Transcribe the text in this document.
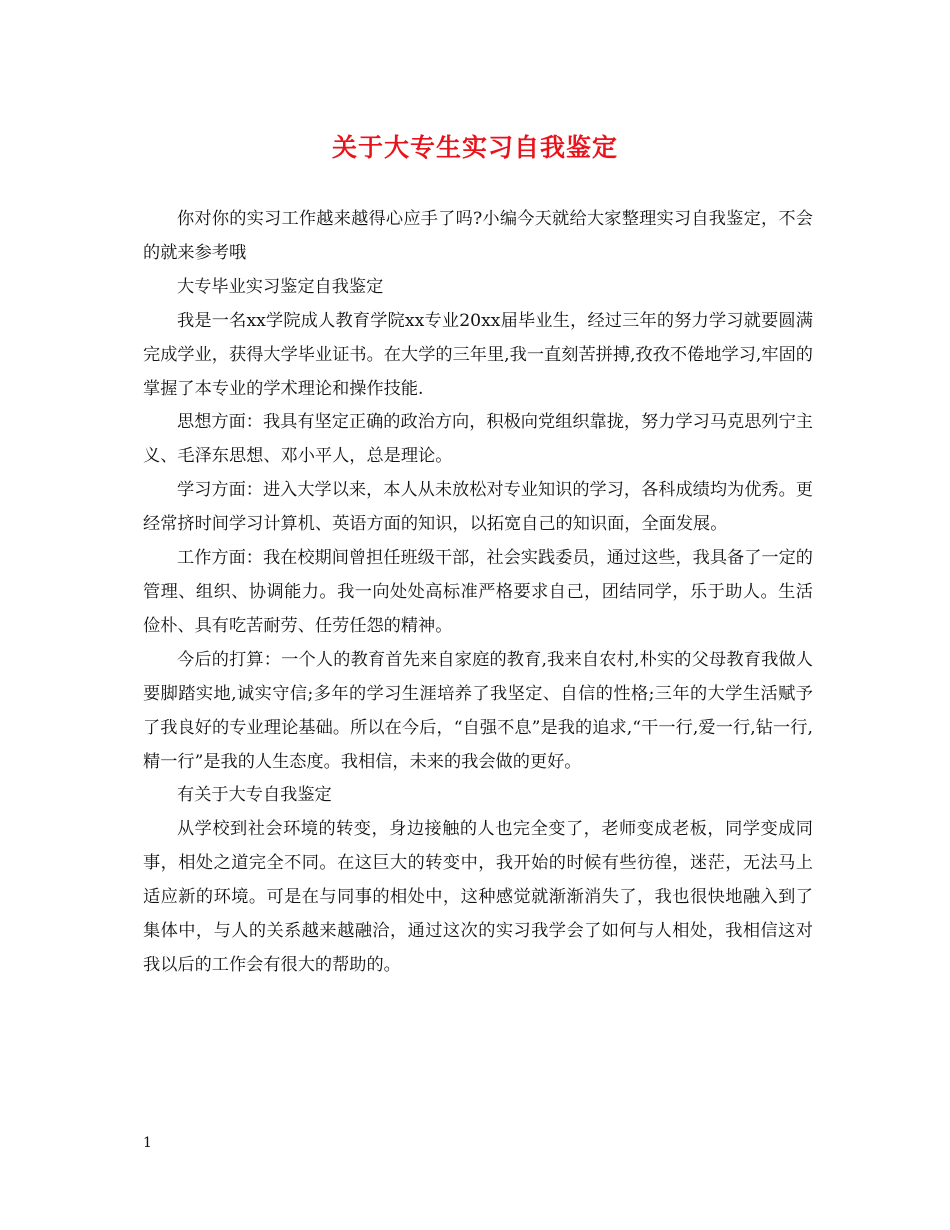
关于大专生实习自我鉴定

你对你的实习工作越来越得心应手了吗?小编今天就给大家整理实习自我鉴定，不会的就来参考哦

大专毕业实习鉴定自我鉴定

我是一名xx学院成人教育学院xx专业20xx届毕业生，经过三年的努力学习就要圆满完成学业，获得大学毕业证书。在大学的三年里,我一直刻苦拼搏,孜孜不倦地学习,牢固的掌握了本专业的学术理论和操作技能.

思想方面：我具有坚定正确的政治方向，积极向党组织靠拢，努力学习马克思列宁主义、毛泽东思想、邓小平人，总是理论。

学习方面：进入大学以来，本人从未放松对专业知识的学习，各科成绩均为优秀。更经常挤时间学习计算机、英语方面的知识，以拓宽自己的知识面，全面发展。

工作方面：我在校期间曾担任班级干部，社会实践委员，通过这些，我具备了一定的管理、组织、协调能力。我一向处处高标准严格要求自己，团结同学，乐于助人。生活俭朴、具有吃苦耐劳、任劳任怨的精神。

今后的打算：一个人的教育首先来自家庭的教育,我来自农村,朴实的父母教育我做人要脚踏实地,诚实守信;多年的学习生涯培养了我坚定、自信的性格;三年的大学生活赋予了我良好的专业理论基础。所以在今后，“自强不息”是我的追求,“干一行,爱一行,钻一行,精一行”是我的人生态度。我相信，未来的我会做的更好。

有关于大专自我鉴定

从学校到社会环境的转变，身边接触的人也完全变了，老师变成老板，同学变成同事，相处之道完全不同。在这巨大的转变中，我开始的时候有些彷徨，迷茫，无法马上适应新的环境。可是在与同事的相处中，这种感觉就渐渐消失了，我也很快地融入到了集体中，与人的关系越来越融洽，通过这次的实习我学会了如何与人相处，我相信这对我以后的工作会有很大的帮助的。

1
